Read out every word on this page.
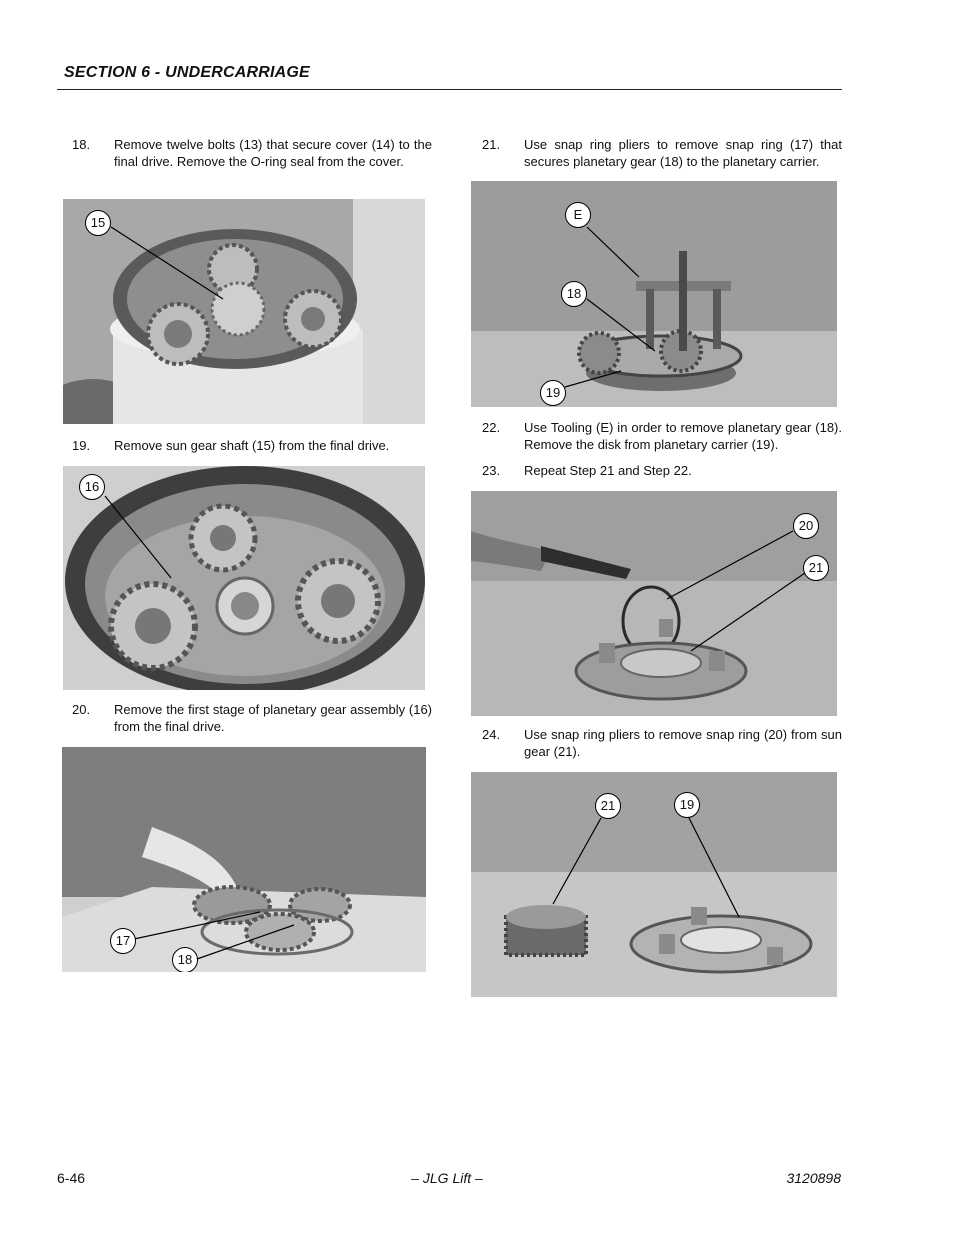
SECTION 6 - UNDERCARRIAGE
18.	Remove twelve bolts (13) that secure cover (14) to the final drive. Remove the O-ring seal from the cover.
15
19.	Remove sun gear shaft (15) from the final drive.
16
20.	Remove the first stage of planetary gear assembly (16) from the final drive.
17
18
21.	Use snap ring pliers to remove snap ring (17) that secures planetary gear (18) to the planetary carrier.
E
18
19
22.	Use Tooling (E) in order to remove planetary gear (18). Remove the disk from planetary carrier (19).
23.	Repeat Step 21 and Step 22.
20
21
24.	Use snap ring pliers to remove snap ring (20) from sun gear (21).
21	19
6-46	– JLG Lift –	3120898
